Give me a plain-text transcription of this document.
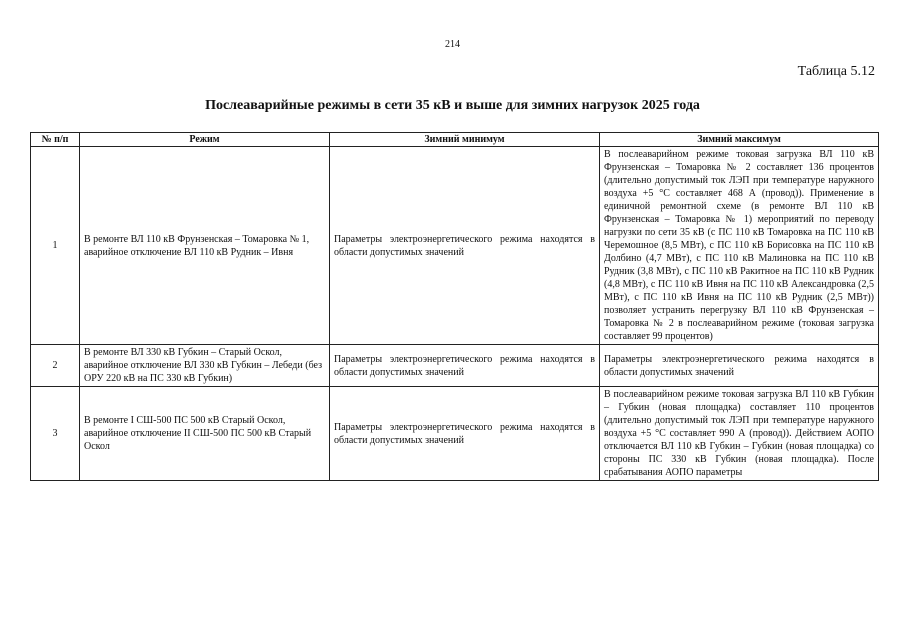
214
Таблица 5.12
Послеаварийные режимы в сети 35 кВ и выше для зимних нагрузок 2025 года
№ п/п	Режим	Зимний минимум	Зимний максимум
1	В ремонте ВЛ 110 кВ Фрунзенская – Томаровка № 1, аварийное отключение ВЛ 110 кВ Рудник – Ивня	Параметры электроэнергетического режима находятся в области допустимых значений	В послеаварийном режиме токовая загрузка ВЛ 110 кВ Фрунзенская – Томаровка № 2 составляет 136 процентов (длительно допустимый ток ЛЭП при температуре наружного воздуха +5 °С составляет 468 А (провод)). Применение в единичной ремонтной схеме (в ремонте ВЛ 110 кВ Фрунзенская – Томаровка № 1) мероприятий по переводу нагрузки по сети 35 кВ (с ПС 110 кВ Томаровка на ПС 110 кВ Черемошное (8,5 МВт), с ПС 110 кВ Борисовка на ПС 110 кВ Долбино (4,7 МВт), с ПС 110 кВ Малиновка на ПС 110 кВ Рудник (3,8 МВт), с ПС 110 кВ Ракитное на ПС 110 кВ Рудник (4,8 МВт), с ПС 110 кВ Ивня на ПС 110 кВ Александровка (2,5 МВт), с ПС 110 кВ Ивня на ПС 110 кВ Рудник (2,5 МВт)) позволяет устранить перегрузку ВЛ 110 кВ Фрунзенская – Томаровка № 2 в послеаварийном режиме (токовая загрузка составляет 99 процентов)
2	В ремонте ВЛ 330 кВ Губкин – Старый Оскол, аварийное отключение ВЛ 330 кВ Губкин – Лебеди (без ОРУ 220 кВ на ПС 330 кВ Губкин)	Параметры электроэнергетического режима находятся в области допустимых значений	Параметры электроэнергетического режима находятся в области допустимых значений
3	В ремонте I СШ-500 ПС 500 кВ Старый Оскол, аварийное отключение II СШ-500 ПС 500 кВ Старый Оскол	Параметры электроэнергетического режима находятся в области допустимых значений	В послеаварийном режиме токовая загрузка ВЛ 110 кВ Губкин – Губкин (новая площадка) составляет 110 процентов (длительно допустимый ток ЛЭП при температуре наружного воздуха +5 °С составляет 990 А (провод)). Действием АОПО отключается ВЛ 110 кВ Губкин – Губкин (новая площадка) со стороны ПС 330 кВ Губкин (новая площадка). После срабатывания АОПО параметры
